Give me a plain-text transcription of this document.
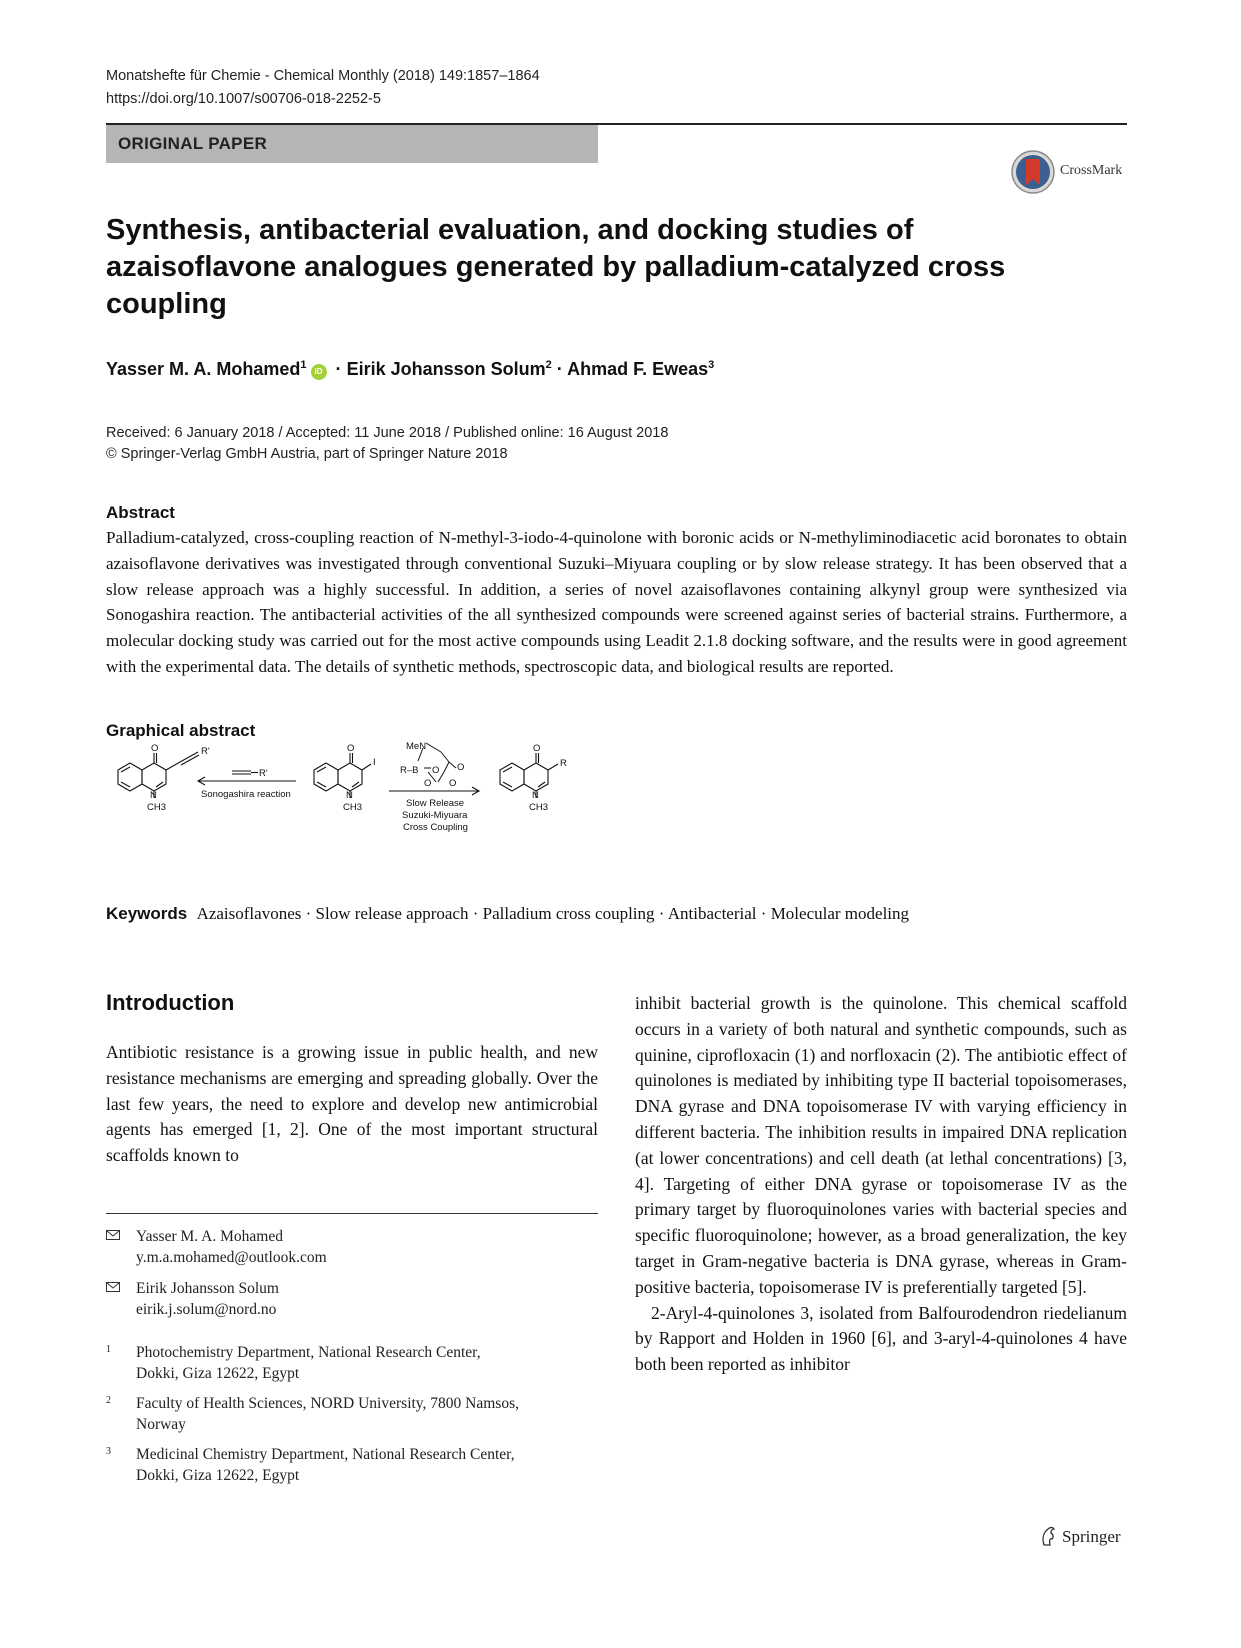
Monatshefte für Chemie - Chemical Monthly (2018) 149:1857–1864
https://doi.org/10.1007/s00706-018-2252-5
ORIGINAL PAPER
CrossMark
Synthesis, antibacterial evaluation, and docking studies of azaisoflavone analogues generated by palladium-catalyzed cross coupling
Yasser M. A. Mohamed$^1$iD · Eirik Johansson Solum$^2$ · Ahmad F. Eweas$^3$
Received: 6 January 2018 / Accepted: 11 June 2018 / Published online: 16 August 2018
© Springer-Verlag GmbH Austria, part of Springer Nature 2018
Abstract
Palladium-catalyzed, cross-coupling reaction of N-methyl-3-iodo-4-quinolone with boronic acids or N-methyliminodiacetic acid boronates to obtain azaisoflavone derivatives was investigated through conventional Suzuki–Miyuara coupling or by slow release strategy. It has been observed that a slow release approach was a highly successful. In addition, a series of novel azaisoflavones containing alkynyl group were synthesized via Sonogashira reaction. The antibacterial activities of the all synthesized compounds were screened against series of bacterial strains. Furthermore, a molecular docking study was carried out for the most active compounds using Leadit 2.1.8 docking software, and the results were in good agreement with the experimental data. The details of synthetic methods, spectroscopic data, and biological results are reported.
Graphical abstract
O	R'
N
CH3
R'
Sonogashira reaction
O
I
N
CH3
MeN
R–B O O
O O
Slow Release
Suzuki-Miyuara
Cross Coupling
O
R
N
CH3
Keywords Azaisoflavones · Slow release approach · Palladium cross coupling · Antibacterial · Molecular modeling
Introduction
Antibiotic resistance is a growing issue in public health, and new resistance mechanisms are emerging and spreading globally. Over the last few years, the need to explore and develop new antimicrobial agents has emerged [1, 2]. One of the most important structural scaffolds known to

inhibit bacterial growth is the quinolone. This chemical scaffold occurs in a variety of both natural and synthetic compounds, such as quinine, ciprofloxacin (1) and norfloxacin (2). The antibiotic effect of quinolones is mediated by inhibiting type II bacterial topoisomerases, DNA gyrase and DNA topoisomerase IV with varying efficiency in different bacteria. The inhibition results in impaired DNA replication (at lower concentrations) and cell death (at lethal concentrations) [3, 4]. Targeting of either DNA gyrase or topoisomerase IV as the primary target by fluoroquinolones varies with bacterial species and specific fluoroquinolone; however, as a broad generalization, the key target in Gram-negative bacteria is DNA gyrase, whereas in Gram-positive bacteria, topoisomerase IV is preferentially targeted [5].

2-Aryl-4-quinolones 3, isolated from Balfourodendron riedelianum by Rapport and Holden in 1960 [6], and 3-aryl-4-quinolones 4 have both been reported as inhibitor

Yasser M. A. Mohamed
y.m.a.mohamed@outlook.com
Eirik Johansson Solum
eirik.j.solum@nord.no
1 Photochemistry Department, National Research Center,
Dokki, Giza 12622, Egypt
2 Faculty of Health Sciences, NORD University, 7800 Namsos,
Norway
3 Medicinal Chemistry Department, National Research Center,
Dokki, Giza 12622, Egypt
Springer
